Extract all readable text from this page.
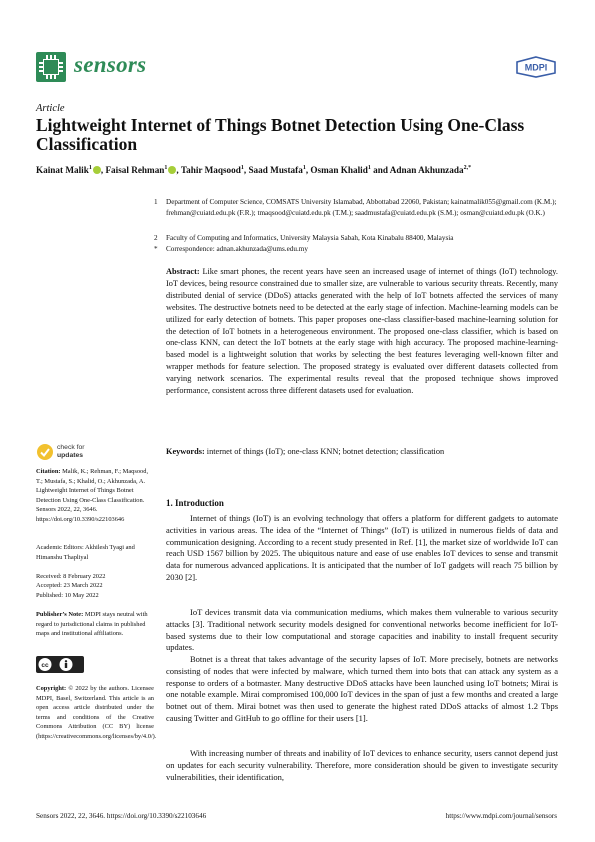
sensors	MDPI
Article
Lightweight Internet of Things Botnet Detection Using One-Class Classification
Kainat Malik$^1$ , Faisal Rehman$^1$ , Tahir Maqsood$^1$, Saad Mustafa$^1$, Osman Khalid$^1$ and Adnan Akhunzada$^{2,*}$
1 Department of Computer Science, COMSATS University Islamabad, Abbottabad 22060, Pakistan; kainatmalik055@gmail.com (K.M.); frehman@cuiatd.edu.pk (F.R.); tmaqsood@cuiatd.edu.pk (T.M.); saadmustafa@cuiatd.edu.pk (S.M.); osman@cuiatd.edu.pk (O.K.)
2 Faculty of Computing and Informatics, University Malaysia Sabah, Kota Kinabalu 88400, Malaysia
* Correspondence: adnan.akhunzada@ums.edu.my
Abstract: Like smart phones, the recent years have seen an increased usage of internet of things (IoT) technology. IoT devices, being resource constrained due to smaller size, are vulnerable to various security threats. Recently, many distributed denial of service (DDoS) attacks generated with the help of IoT botnets affected the services of many websites. The destructive botnets need to be detected at the early stage of infection. Machine-learning models can be utilized for early detection of botnets. This paper proposes one-class classifier-based machine-learning solution for the detection of IoT botnets in a heterogeneous environment. The proposed one-class classifier, which is based on one-class KNN, can detect the IoT botnets at the early stage with high accuracy. The proposed machine-learning-based model is a lightweight solution that works by selecting the best features leveraging well-known filter and wrapper methods for feature selection. The proposed strategy is evaluated over different datasets collected from varying network scenarios. The experimental results reveal that the proposed technique shows improved performance, consistent across three different datasets used for evaluation.
Keywords: internet of things (IoT); one-class KNN; botnet detection; classification
1. Introduction
Internet of things (IoT) is an evolving technology that offers a platform for different gadgets to automate activities in various areas. The idea of the “Internet of Things” (IoT) is utilized in numerous fields of data and communication designing. According to a recent study presented in Ref. [1], the market size of worldwide IoT can reach USD 1567 billion by 2025. The ubiquitous nature and ease of use enables IoT devices to sense and transmit data for numerous advanced applications. It is anticipated that the number of IoT gadgets will reach 75 billion by 2030 [2].
IoT devices transmit data via communication mediums, which makes them vulnerable to various security attacks [3]. Traditional network security models designed for conventional networks become inefficient for IoT-based systems due to their low computational and storage capacities and inability to install frequent security updates.
Botnet is a threat that takes advantage of the security lapses of IoT. More precisely, botnets are networks consisting of nodes that were infected by malware, which turned them into bots that can attack any system as a response to orders of a botmaster. Many destructive DDoS attacks have been launched using IoT botnets; Mirai is one notable example. Mirai compromised 100,000 IoT devices in the span of just a few months and created a large botnet out of them. Mirai botnet was then used to generate the highest rated DDoS attacks of almost 1.2 Tbps causing Twitter and GitHub to go offline for their users [1].
With increasing number of threats and inability of IoT devices to enhance security, users cannot depend just on updates for each security vulnerability. Therefore, more consideration should be given to investigate security vulnerabilities, their identification,
check for
updates
Citation: Malik, K.; Rehman, F.; Maqsood, T.; Mustafa, S.; Khalid, O.; Akhunzada, A. Lightweight Internet of Things Botnet Detection Using One-Class Classification. Sensors 2022, 22, 3646. https://doi.org/10.3390/s22103646
Academic Editors: Akhilesh Tyagi and Himanshu Thapliyal
Received: 8 February 2022
Accepted: 23 March 2022
Published: 10 May 2022
Publisher’s Note: MDPI stays neutral with regard to jurisdictional claims in published maps and institutional affiliations.
cc
Copyright: © 2022 by the authors. Licensee MDPI, Basel, Switzerland. This article is an open access article distributed under the terms and conditions of the Creative Commons Attribution (CC BY) license (https://creativecommons.org/licenses/by/4.0/).
Sensors 2022, 22, 3646. https://doi.org/10.3390/s22103646	https://www.mdpi.com/journal/sensors
